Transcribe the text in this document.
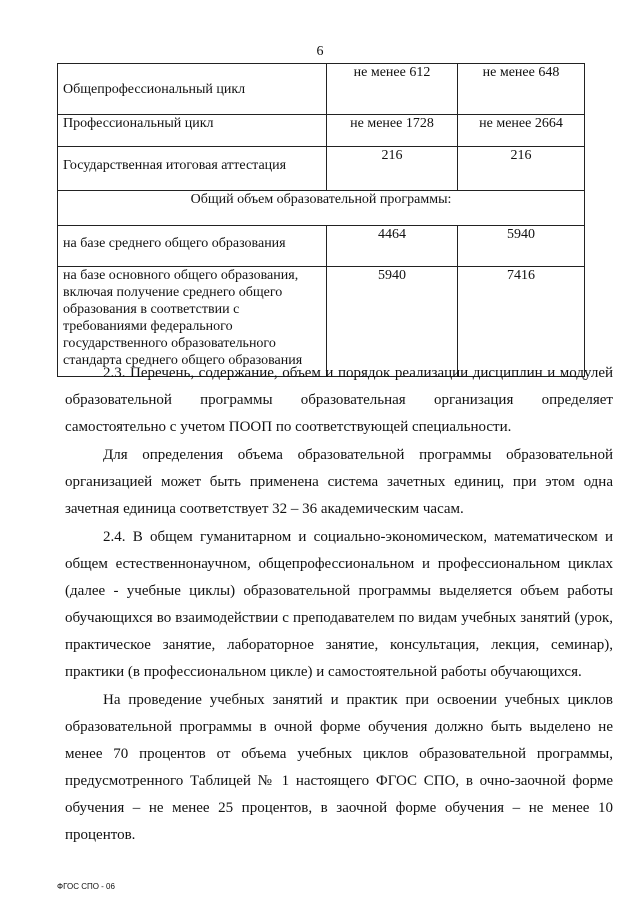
6
Общепрофессиональный цикл	не менее 612	не менее 648
Профессиональный цикл	не менее 1728	не менее 2664
Государственная итоговая аттестация	216	216
Общий объем образовательной программы:		
на базе среднего общего образования	4464	5940
на базе основного общего образования, включая получение среднего общего образования в соответствии с требованиями федерального государственного образовательного стандарта среднего общего образования	5940	7416

2.3. Перечень, содержание, объем и порядок реализации дисциплин и модулей образовательной программы образовательная организация определяет самостоятельно с учетом ПООП по соответствующей специальности.

Для определения объема образовательной программы образовательной организацией может быть применена система зачетных единиц, при этом одна зачетная единица соответствует 32 – 36 академическим часам.

2.4. В общем гуманитарном и социально-экономическом, математическом и общем естественнонаучном, общепрофессиональном и профессиональном циклах (далее - учебные циклы) образовательной программы выделяется объем работы обучающихся во взаимодействии с преподавателем по видам учебных занятий (урок, практическое занятие, лабораторное занятие, консультация, лекция, семинар), практики (в профессиональном цикле) и самостоятельной работы обучающихся.

На проведение учебных занятий и практик при освоении учебных циклов образовательной программы в очной форме обучения должно быть выделено не менее 70 процентов от объема учебных циклов образовательной программы, предусмотренного Таблицей № 1 настоящего ФГОС СПО, в очно-заочной форме обучения – не менее 25 процентов, в заочной форме обучения – не менее 10 процентов.

ФГОС СПО - 06
